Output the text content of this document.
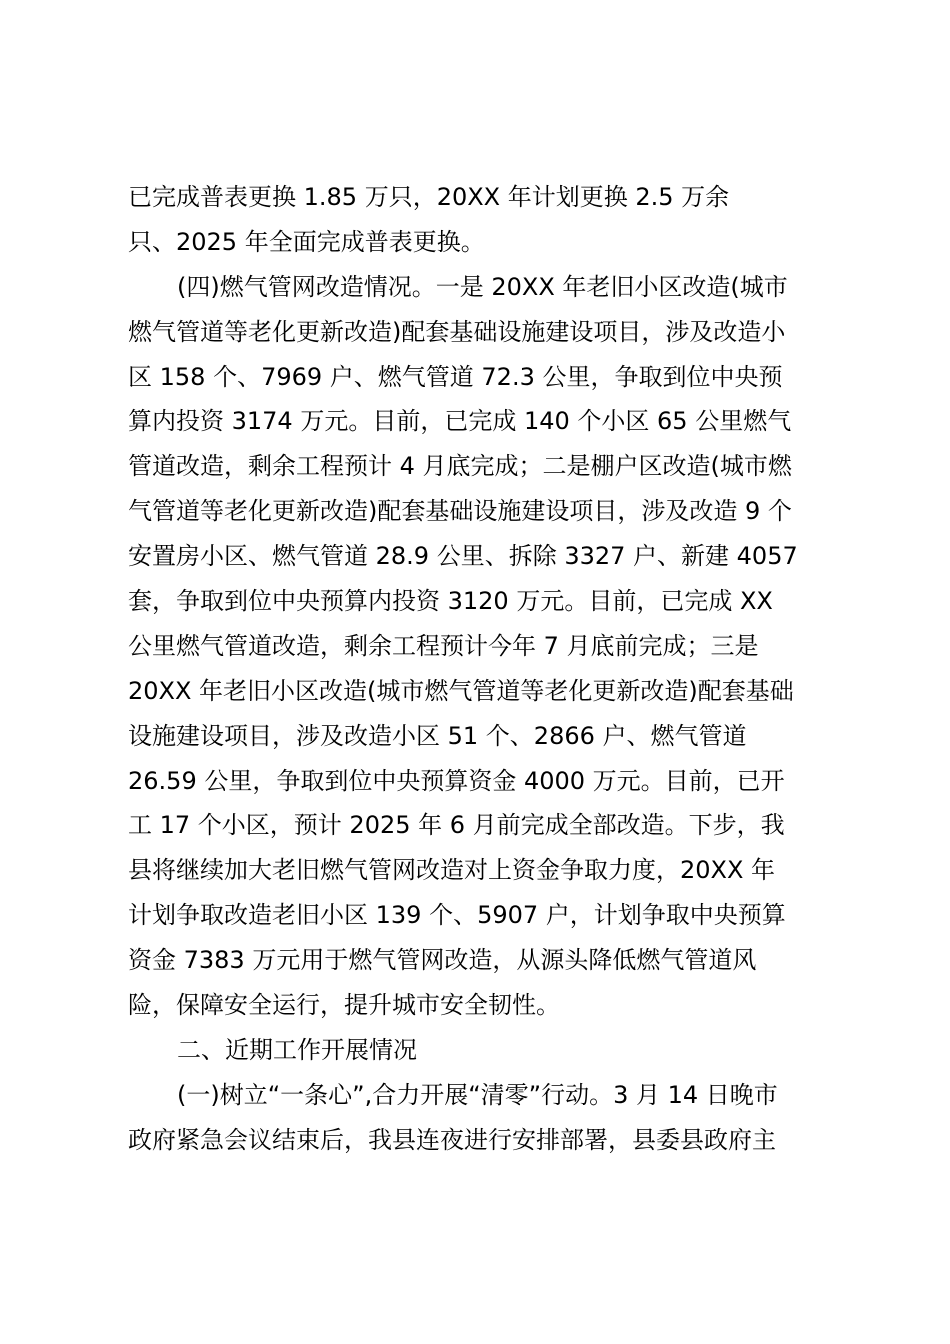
已完成普表更换 1.85 万只，20XX 年计划更换 2.5 万余
只、2025 年全面完成普表更换。
(四)燃气管网改造情况。一是 20XX 年老旧小区改造(城市
燃气管道等老化更新改造)配套基础设施建设项目，涉及改造小
区 158 个、7969 户、燃气管道 72.3 公里，争取到位中央预
算内投资 3174 万元。目前，已完成 140 个小区 65 公里燃气
管道改造，剩余工程预计 4 月底完成；二是棚户区改造(城市燃
气管道等老化更新改造)配套基础设施建设项目，涉及改造 9 个
安置房小区、燃气管道 28.9 公里、拆除 3327 户、新建 4057
套，争取到位中央预算内投资 3120 万元。目前，已完成 XX
公里燃气管道改造，剩余工程预计今年 7 月底前完成；三是
20XX 年老旧小区改造(城市燃气管道等老化更新改造)配套基础
设施建设项目，涉及改造小区 51 个、2866 户、燃气管道
26.59 公里，争取到位中央预算资金 4000 万元。目前，已开
工 17 个小区，预计 2025 年 6 月前完成全部改造。下步，我
县将继续加大老旧燃气管网改造对上资金争取力度，20XX 年
计划争取改造老旧小区 139 个、5907 户，计划争取中央预算
资金 7383 万元用于燃气管网改造，从源头降低燃气管道风
险，保障安全运行，提升城市安全韧性。
二、近期工作开展情况
(一)树立“一条心”,合力开展“清零”行动。3 月 14 日晚市
政府紧急会议结束后，我县连夜进行安排部署，县委县政府主
